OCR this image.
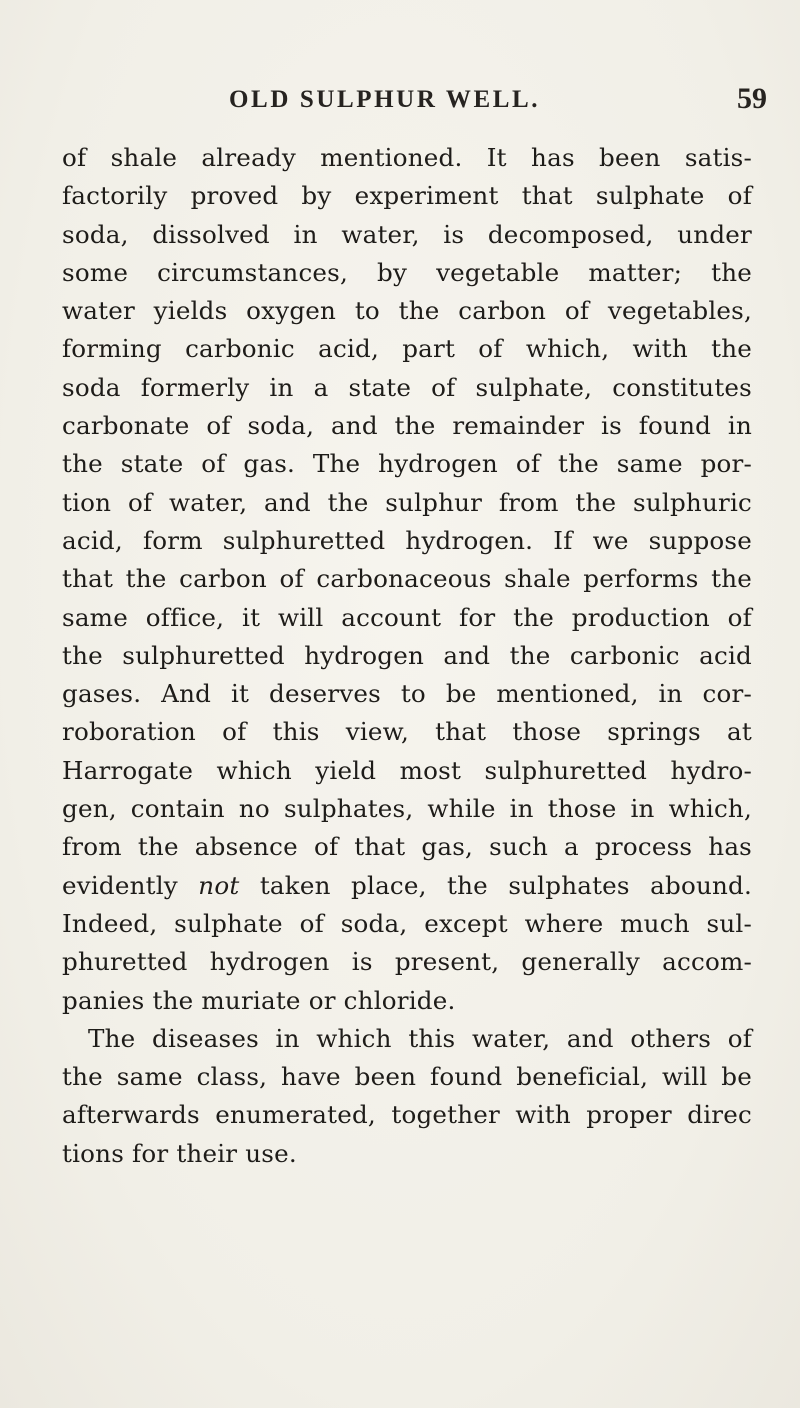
OLD SULPHUR WELL.	59
of shale already mentioned. It has been satis-
factorily proved by experiment that sulphate of
soda, dissolved in water, is decomposed, under
some circumstances, by vegetable matter; the
water yields oxygen to the carbon of vegetables,
forming carbonic acid, part of which, with the
soda formerly in a state of sulphate, constitutes
carbonate of soda, and the remainder is found in
the state of gas. The hydrogen of the same por-
tion of water, and the sulphur from the sulphuric
acid, form sulphuretted hydrogen. If we suppose
that the carbon of carbonaceous shale performs the
same office, it will account for the production of
the sulphuretted hydrogen and the carbonic acid
gases. And it deserves to be mentioned, in cor-
roboration of this view, that those springs at
Harrogate which yield most sulphuretted hydro-
gen, contain no sulphates, while in those in which,
from the absence of that gas, such a process has
evidently not taken place, the sulphates abound.
Indeed, sulphate of soda, except where much sul-
phuretted hydrogen is present, generally accom-
panies the muriate or chloride.
The diseases in which this water, and others of
the same class, have been found beneficial, will be
afterwards enumerated, together with proper direc
tions for their use.
